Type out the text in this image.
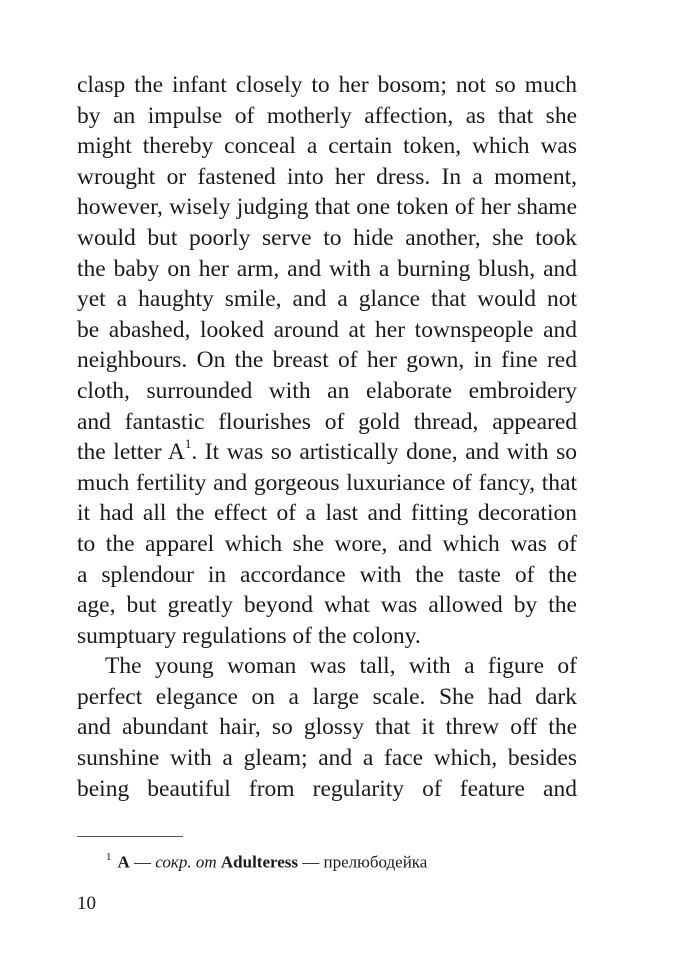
clasp the infant closely to her bosom; not so much
by an impulse of motherly affection, as that she
might thereby conceal a certain token, which was
wrought or fastened into her dress. In a moment,
however, wisely judging that one token of her shame
would but poorly serve to hide another, she took
the baby on her arm, and with a burning blush, and
yet a haughty smile, and a glance that would not
be abashed, looked around at her townspeople and
neighbours. On the breast of her gown, in fine red
cloth, surrounded with an elaborate embroidery
and fantastic flourishes of gold thread, appeared
the letter A$^1$. It was so artistically done, and with so
much fertility and gorgeous luxuriance of fancy, that
it had all the effect of a last and fitting decoration
to the apparel which she wore, and which was of
a splendour in accordance with the taste of the
age, but greatly beyond what was allowed by the
sumptuary regulations of the colony.
The young woman was tall, with a figure of
perfect elegance on a large scale. She had dark
and abundant hair, so glossy that it threw off the
sunshine with a gleam; and a face which, besides
being beautiful from regularity of feature and
$^1$ A — сокр. от Adulteress — прелюбодейка
10
